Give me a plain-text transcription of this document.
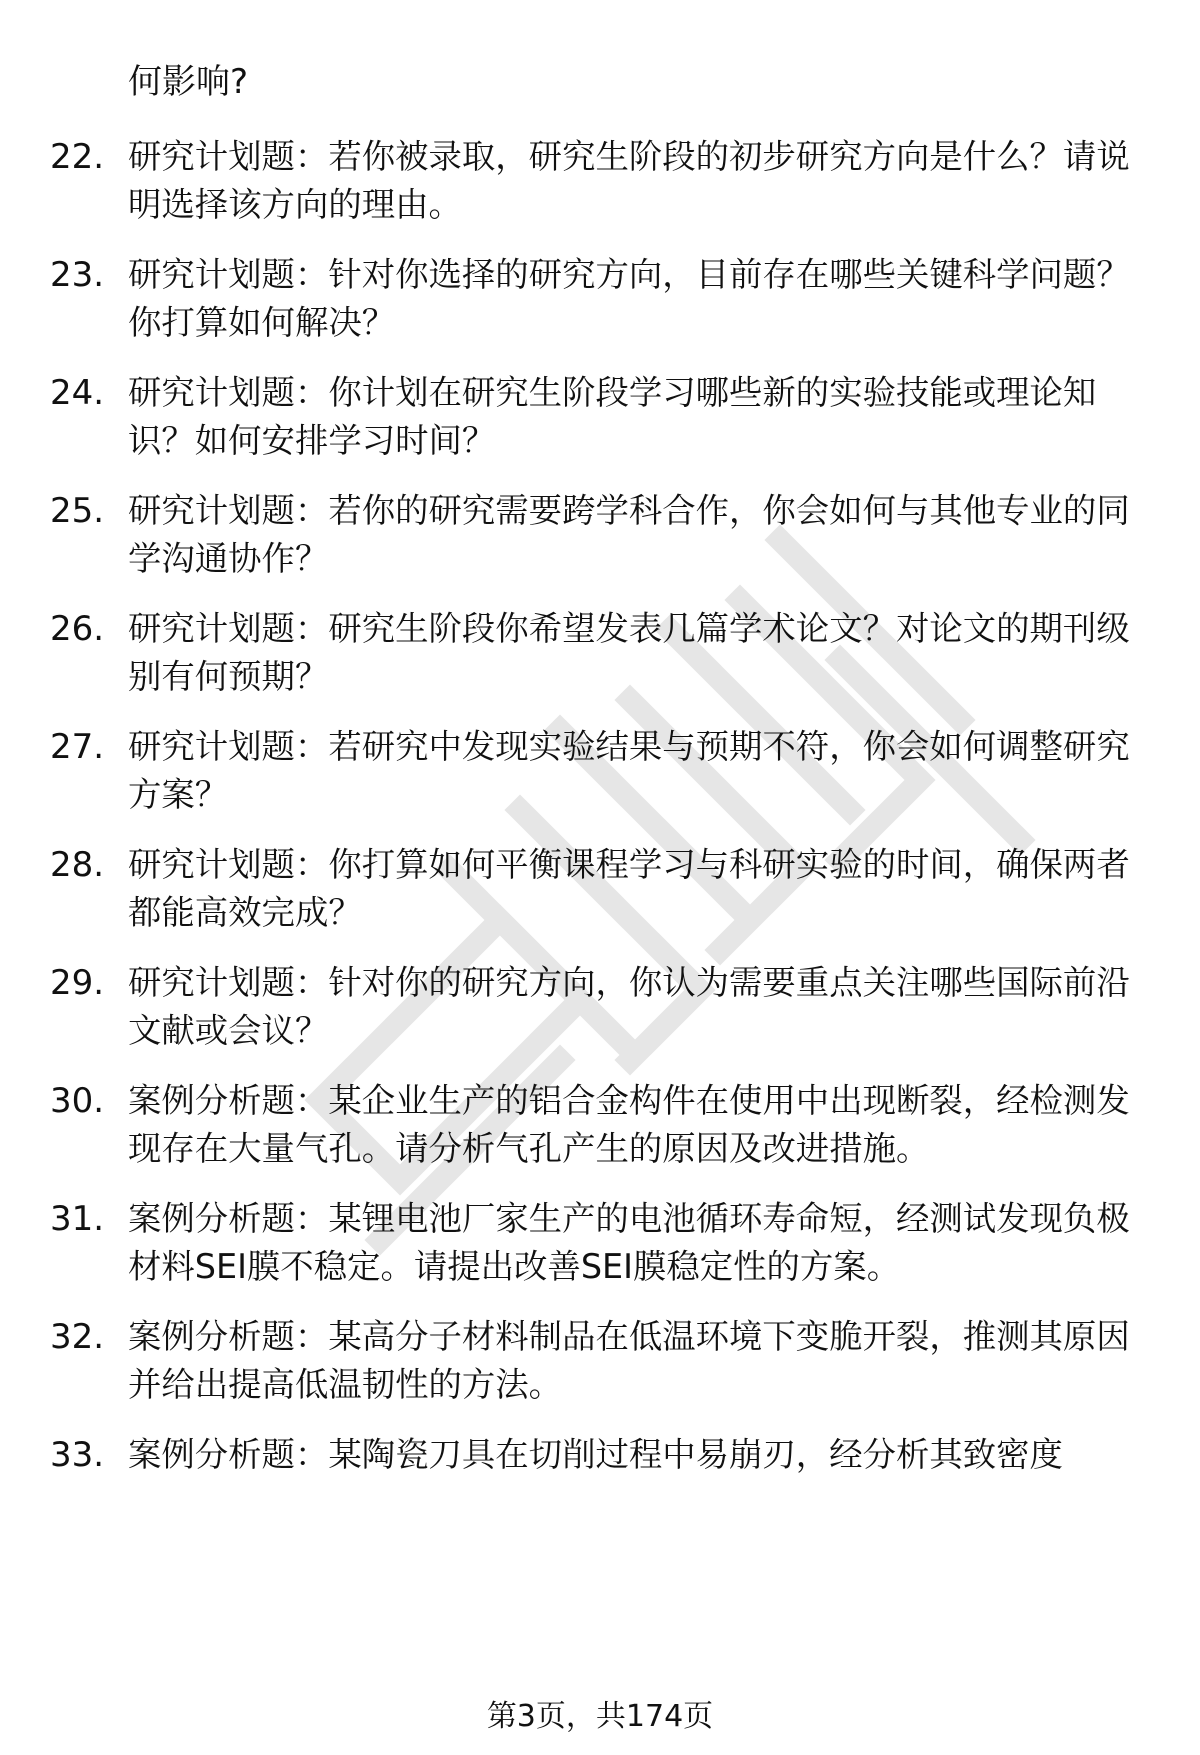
何影响?
22. 研究计划题：若你被录取，研究生阶段的初步研究方向是什么？请说明选择该方向的理由。
23. 研究计划题：针对你选择的研究方向，目前存在哪些关键科学问题？你打算如何解决？
24. 研究计划题：你计划在研究生阶段学习哪些新的实验技能或理论知识？如何安排学习时间？
25. 研究计划题：若你的研究需要跨学科合作，你会如何与其他专业的同学沟通协作？
26. 研究计划题：研究生阶段你希望发表几篇学术论文？对论文的期刊级别有何预期？
27. 研究计划题：若研究中发现实验结果与预期不符，你会如何调整研究方案？
28. 研究计划题：你打算如何平衡课程学习与科研实验的时间，确保两者都能高效完成？
29. 研究计划题：针对你的研究方向，你认为需要重点关注哪些国际前沿文献或会议？
30. 案例分析题：某企业生产的铝合金构件在使用中出现断裂，经检测发现存在大量气孔。请分析气孔产生的原因及改进措施。
31. 案例分析题：某锂电池厂家生产的电池循环寿命短，经测试发现负极材料SEI膜不稳定。请提出改善SEI膜稳定性的方案。
32. 案例分析题：某高分子材料制品在低温环境下变脆开裂，推测其原因并给出提高低温韧性的方法。
33. 案例分析题：某陶瓷刀具在切削过程中易崩刃，经分析其致密度
第3页，共174页
